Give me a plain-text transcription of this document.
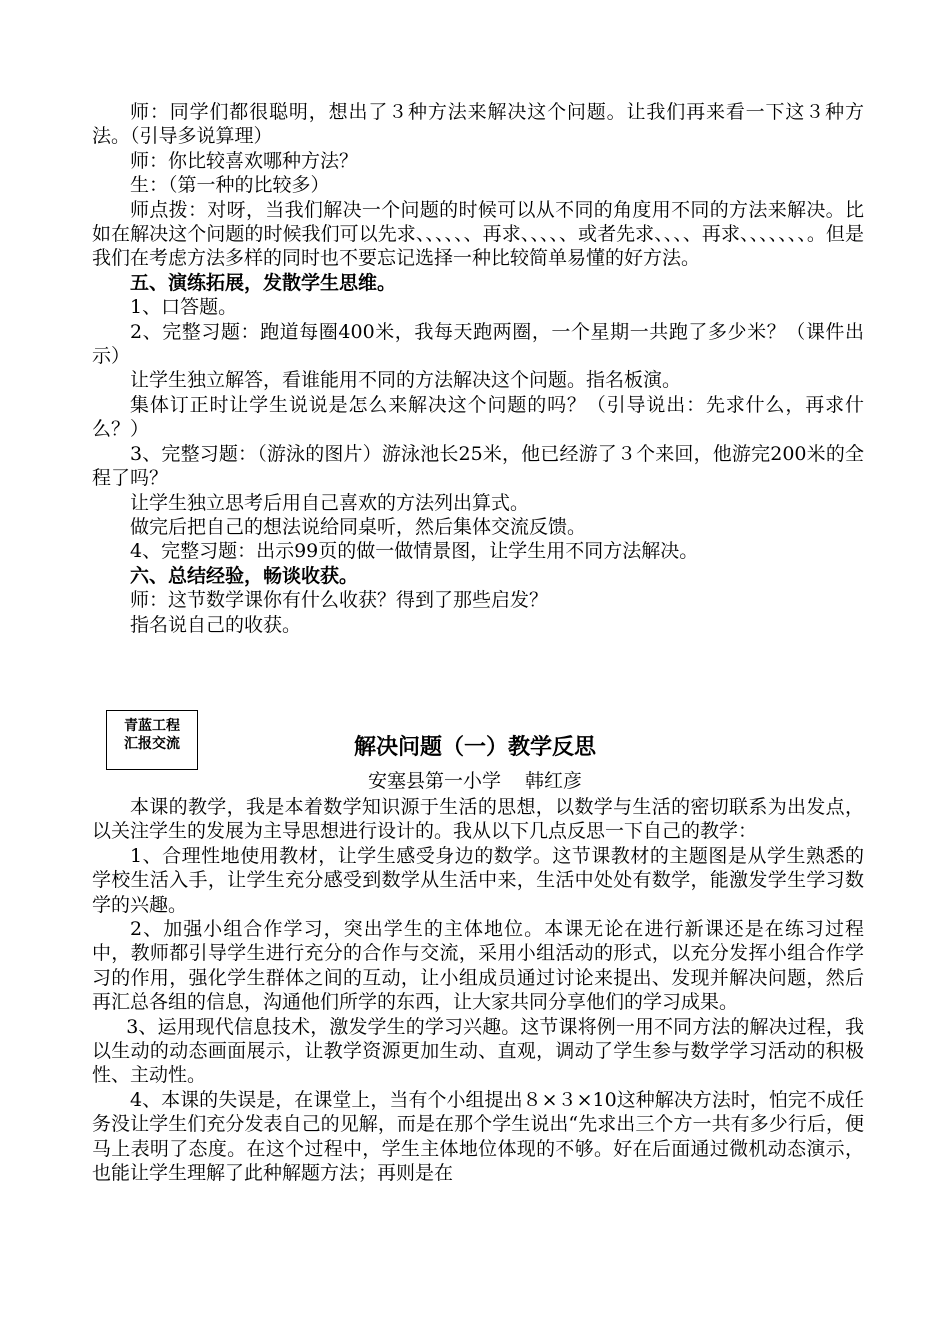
师：同学们都很聪明，想出了３种方法来解决这个问题。让我们再来看一下这３种方法。（引导多说算理）

师：你比较喜欢哪种方法？

生：（第一种的比较多）

师点拨：对呀，当我们解决一个问题的时候可以从不同的角度用不同的方法来解决。比如在解决这个问题的时候我们可以先求、、、、、、再求、、、、、或者先求、、、、再求、、、、、、、。但是我们在考虑方法多样的同时也不要忘记选择一种比较简单易懂的好方法。

五、演练拓展，发散学生思维。

1、口答题。

2、完整习题：跑道每圈400米，我每天跑两圈，一个星期一共跑了多少米？（课件出示）

让学生独立解答，看谁能用不同的方法解决这个问题。指名板演。

集体订正时让学生说说是怎么来解决这个问题的吗？（引导说出：先求什么，再求什么？）

3、完整习题：（游泳的图片）游泳池长25米，他已经游了３个来回，他游完200米的全程了吗？

让学生独立思考后用自己喜欢的方法列出算式。

做完后把自己的想法说给同桌听，然后集体交流反馈。

4、完整习题：出示99页的做一做情景图，让学生用不同方法解决。

六、总结经验，畅谈收获。

师：这节数学课你有什么收获？得到了那些启发？

指名说自己的收获。

青蓝工程
汇报交流	解决问题（一）教学反思
安塞县第一小学 韩红彦

本课的教学，我是本着数学知识源于生活的思想，以数学与生活的密切联系为出发点，以关注学生的发展为主导思想进行设计的。我从以下几点反思一下自己的教学：

1、合理性地使用教材，让学生感受身边的数学。这节课教材的主题图是从学生熟悉的学校生活入手，让学生充分感受到数学从生活中来，生活中处处有数学，能激发学生学习数学的兴趣。

2、加强小组合作学习，突出学生的主体地位。本课无论在进行新课还是在练习过程中，教师都引导学生进行充分的合作与交流，采用小组活动的形式，以充分发挥小组合作学习的作用，强化学生群体之间的互动，让小组成员通过讨论来提出、发现并解决问题，然后再汇总各组的信息，沟通他们所学的东西，让大家共同分享他们的学习成果。

3、运用现代信息技术，激发学生的学习兴趣。这节课将例一用不同方法的解决过程，我以生动的动态画面展示，让教学资源更加生动、直观，调动了学生参与数学学习活动的积极性、主动性。

4、本课的失误是，在课堂上，当有个小组提出８×３×10这种解决方法时，怕完不成任务没让学生们充分发表自己的见解，而是在那个学生说出“先求出三个方一共有多少行后，便马上表明了态度。在这个过程中，学生主体地位体现的不够。好在后面通过微机动态演示，也能让学生理解了此种解题方法；再则是在
